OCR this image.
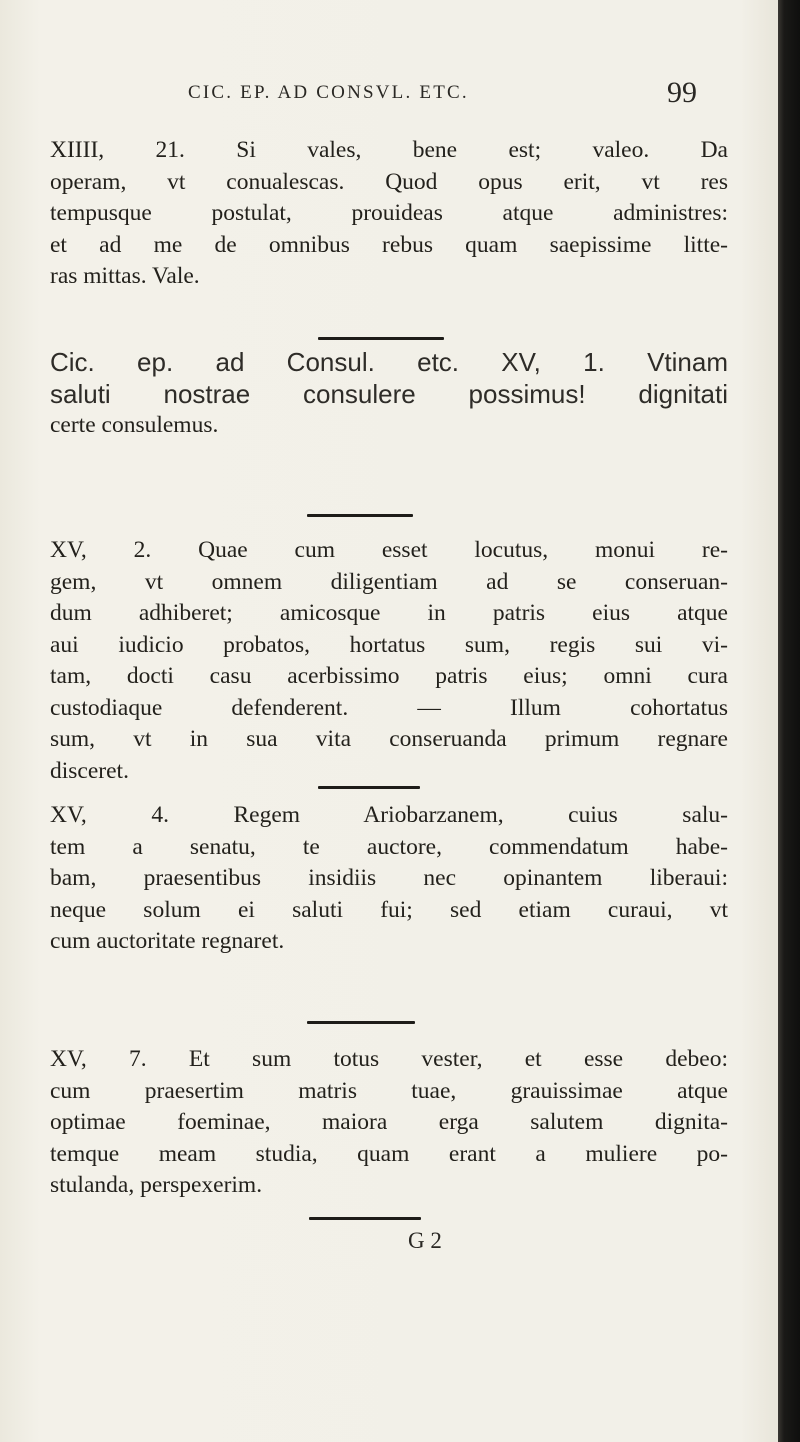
CIC. EP. AD CONSVL. ETC.	99
XIIII, 21. Si vales, bene est; valeo. Da
operam, vt conualescas. Quod opus erit, vt res
tempusque postulat, prouideas atque administres:
et ad me de omnibus rebus quam saepissime litte-
ras mittas. Vale.
Cic. ep. ad Consul. etc. XV, 1. Vtinam
saluti nostrae consulere possimus! dignitati
certe consulemus.
XV, 2. Quae cum esset locutus, monui re-
gem, vt omnem diligentiam ad se conseruan-
dum adhiberet; amicosque in patris eius atque
aui iudicio probatos, hortatus sum, regis sui vi-
tam, docti casu acerbissimo patris eius; omni cura
custodiaque defenderent. — Illum cohortatus
sum, vt in sua vita conseruanda primum regnare
disceret.
XV, 4. Regem Ariobarzanem, cuius salu-
tem a senatu, te auctore, commendatum habe-
bam, praesentibus insidiis nec opinantem liberaui:
neque solum ei saluti fui; sed etiam curaui, vt
cum auctoritate regnaret.
XV, 7. Et sum totus vester, et esse debeo:
cum praesertim matris tuae, grauissimae atque
optimae foeminae, maiora erga salutem dignita-
temque meam studia, quam erant a muliere po-
stulanda, perspexerim.
G 2
